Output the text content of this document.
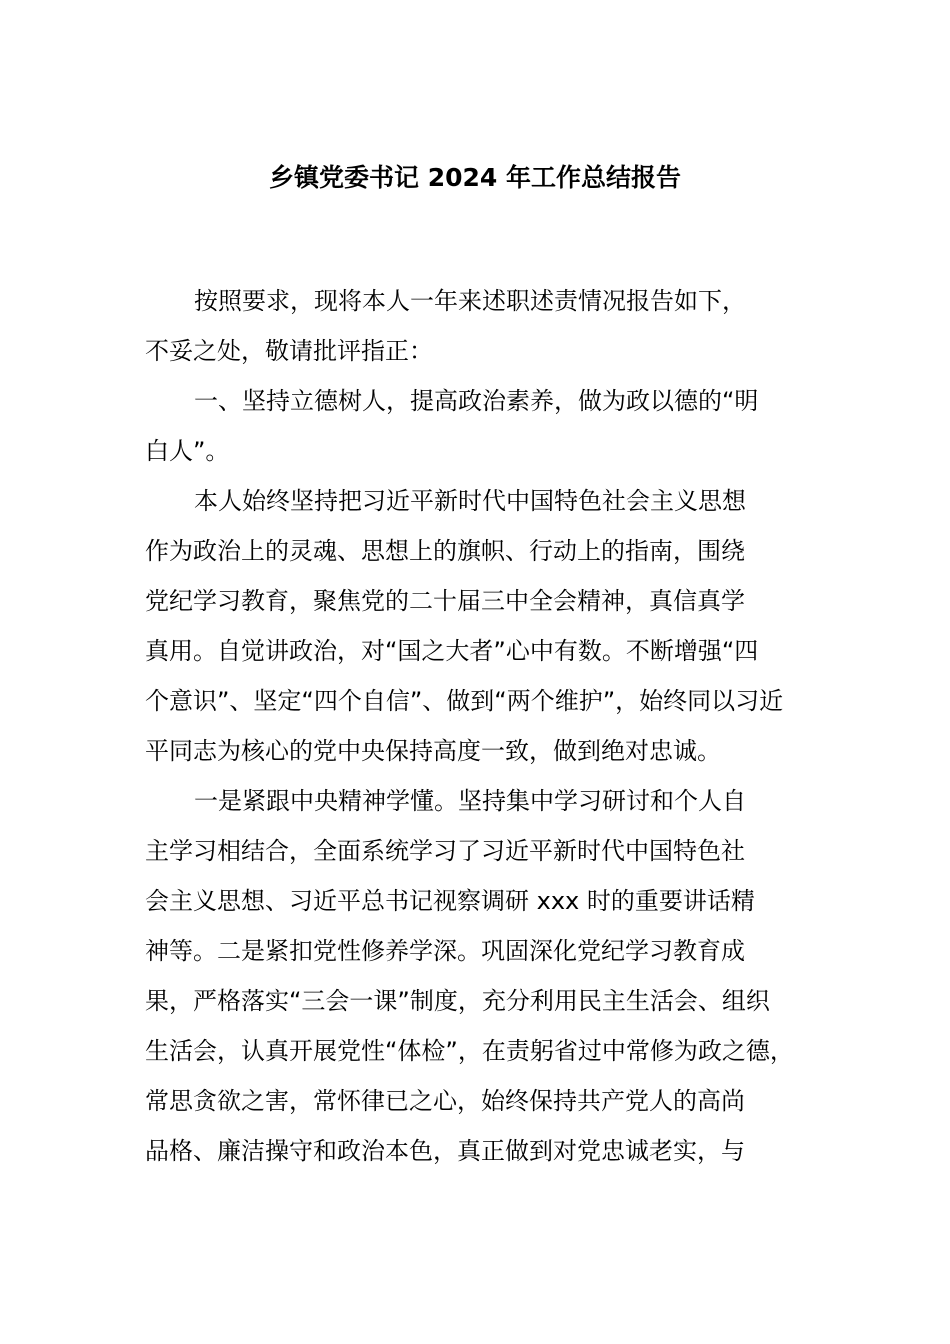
乡镇党委书记 2024 年工作总结报告
按照要求，现将本人一年来述职述责情况报告如下，
不妥之处，敬请批评指正：
一、坚持立德树人，提高政治素养，做为政以德的“明
白人”。
本人始终坚持把习近平新时代中国特色社会主义思想
作为政治上的灵魂、思想上的旗帜、行动上的指南，围绕
党纪学习教育，聚焦党的二十届三中全会精神，真信真学
真用。自觉讲政治，对“国之大者”心中有数。不断增强“四
个意识”、坚定“四个自信”、做到“两个维护”，始终同以习近
平同志为核心的党中央保持高度一致，做到绝对忠诚。
一是紧跟中央精神学懂。坚持集中学习研讨和个人自
主学习相结合，全面系统学习了习近平新时代中国特色社
会主义思想、习近平总书记视察调研 xxx 时的重要讲话精
神等。二是紧扣党性修养学深。巩固深化党纪学习教育成
果，严格落实“三会一课”制度，充分利用民主生活会、组织
生活会，认真开展党性“体检”，在责躬省过中常修为政之德，
常思贪欲之害，常怀律已之心，始终保持共产党人的高尚
品格、廉洁操守和政治本色，真正做到对党忠诚老实，与
